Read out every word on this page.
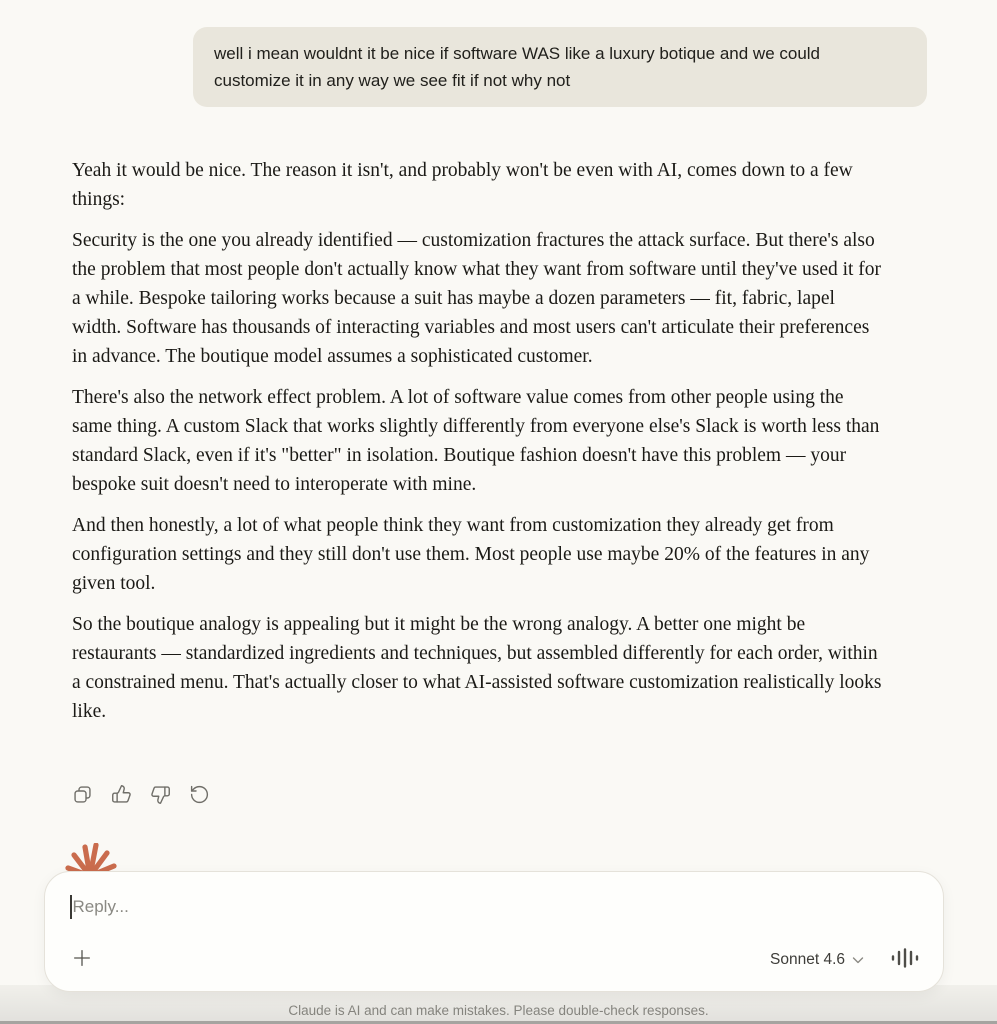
well i mean wouldnt it be nice if software WAS like a luxury botique and we could customize it in any way we see fit if not why not

Yeah it would be nice. The reason it isn't, and probably won't be even with AI, comes down to a few things:

Security is the one you already identified — customization fractures the attack surface. But there's also the problem that most people don't actually know what they want from software until they've used it for a while. Bespoke tailoring works because a suit has maybe a dozen parameters — fit, fabric, lapel width. Software has thousands of interacting variables and most users can't articulate their preferences in advance. The boutique model assumes a sophisticated customer.

There's also the network effect problem. A lot of software value comes from other people using the same thing. A custom Slack that works slightly differently from everyone else's Slack is worth less than standard Slack, even if it's "better" in isolation. Boutique fashion doesn't have this problem — your bespoke suit doesn't need to interoperate with mine.

And then honestly, a lot of what people think they want from customization they already get from configuration settings and they still don't use them. Most people use maybe 20% of the features in any given tool.

So the boutique analogy is appealing but it might be the wrong analogy. A better one might be restaurants — standardized ingredients and techniques, but assembled differently for each order, within a constrained menu. That's actually closer to what AI-assisted software customization realistically looks like.

Reply...
Sonnet 4.6
Claude is AI and can make mistakes. Please double-check responses.
